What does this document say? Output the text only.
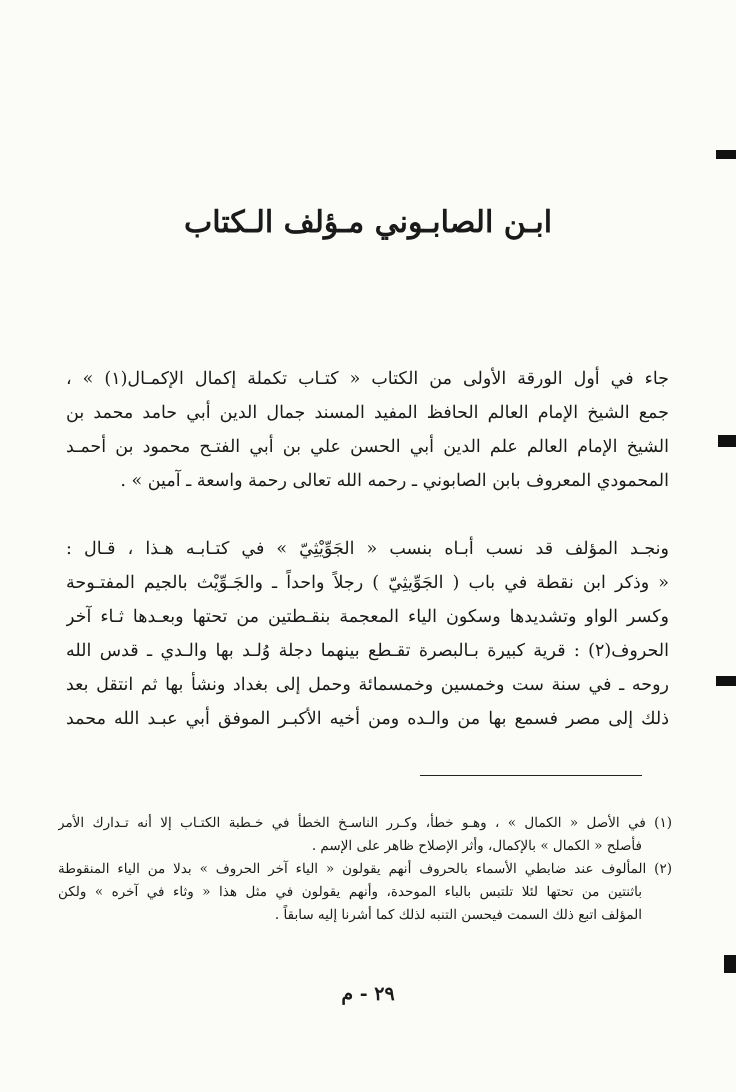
ابـن الصابـوني مـؤلف الـكتاب
جاء في أول الورقة الأولى من الكتاب « كتـاب تكملة إكمال الإكمـال(١) » ،
جمع الشيخ الإمام العالم الحافظ المفيد المسند جمال الدين أبي حامد محمد بن
الشيخ الإمام العالم علم الدين أبي الحسن علي بن أبي الفتـح محمود بن أحمـد
المحمودي المعروف بابن الصابوني ـ رحمه الله تعالى رحمة واسعة ـ آمين » .
ونجـد المؤلف قد نسب أبـاه بنسب « الجَوِّيْثِيّ » في كتـابـه هـذا ، قـال :
« وذكر ابن نقطة في باب ( الجَوِّيثِيّ ) رجلاً واحداً ـ والجَـوِّيْث بالجيم المفتـوحة
وكسر الواو وتشديدها وسكون الياء المعجمة بنقـطتين من تحتها وبعـدها ثـاء آخر
الحروف(٢) : قرية كبيرة بـالبصرة تقـطع بينهما دجلة وُلـد بها والـدي ـ قدس الله
روحه ـ في سنة ست وخمسين وخمسمائة وحمل إلى بغداد ونشأ بها ثم انتقل بعد
ذلك إلى مصر فسمع بها من والـده ومن أخيه الأكبـر الموفق أبي عبـد الله محمد
(١) في الأصل « الكمال » ، وهـو خطأ، وكـرر الناسـخ الخطأ في خـطبة الكتـاب إلا أنه تـدارك الأمر
فأصلح « الكمال » بالإكمال، وأثر الإصلاح ظاهر على الإسم .
(٢) المألوف عند ضابطي الأسماء بالحروف أنهم يقولون « الياء آخر الحروف » بدلا من الياء المنقوطة
باثنتين من تحتها لئلا تلتبس بالباء الموحدة، وأنهم يقولون في مثل هذا « وثاء في آخره » ولكن
المؤلف اتبع ذلك السمت فيحسن التنبه لذلك كما أشرنا إليه سابقاً .
٢٩ - م
